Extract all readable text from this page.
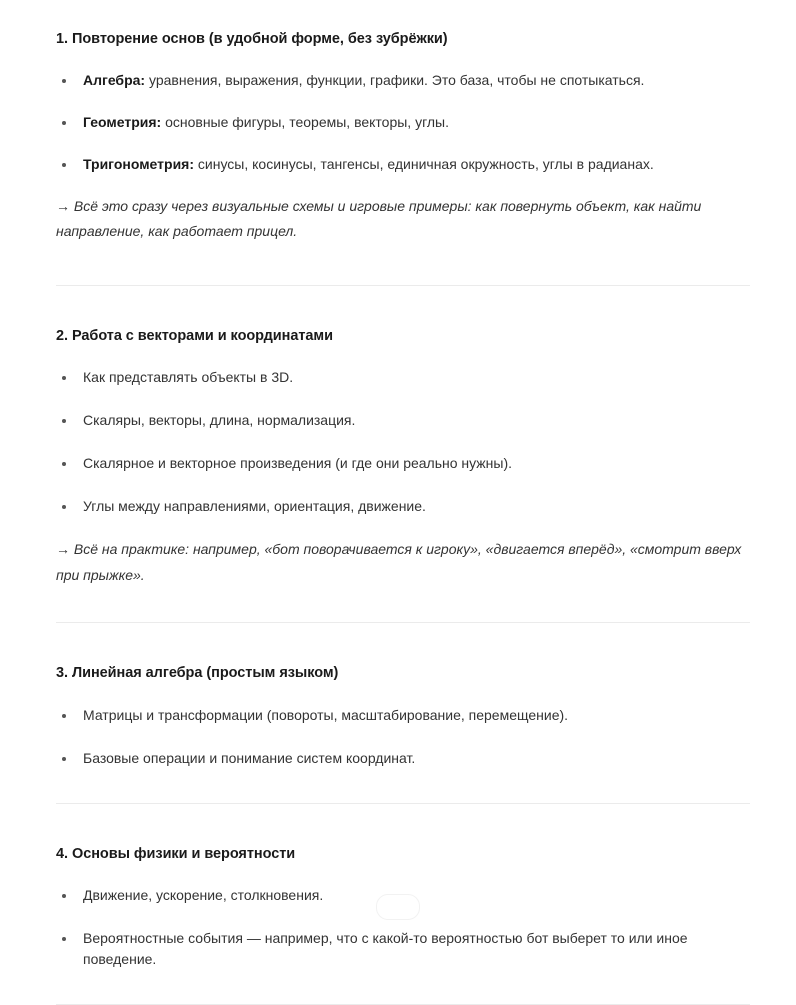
1. Повторение основ (в удобной форме, без зубрёжки)
Алгебра: уравнения, выражения, функции, графики. Это база, чтобы не спотыкаться.
Геометрия: основные фигуры, теоремы, векторы, углы.
Тригонометрия: синусы, косинусы, тангенсы, единичная окружность, углы в радианах.

→ Всё это сразу через визуальные схемы и игровые примеры: как повернуть объект, как найти направление, как работает прицел.

2. Работа с векторами и координатами
Как представлять объекты в 3D.
Скаляры, векторы, длина, нормализация.
Скалярное и векторное произведения (и где они реально нужны).
Углы между направлениями, ориентация, движение.

→ Всё на практике: например, «бот поворачивается к игроку», «двигается вперёд», «смотрит вверх при прыжке».

3. Линейная алгебра (простым языком)
Матрицы и трансформации (повороты, масштабирование, перемещение).
Базовые операции и понимание систем координат.
4. Основы физики и вероятности
Движение, ускорение, столкновения.
Вероятностные события — например, что с какой-то вероятностью бот выберет то или иное поведение.
